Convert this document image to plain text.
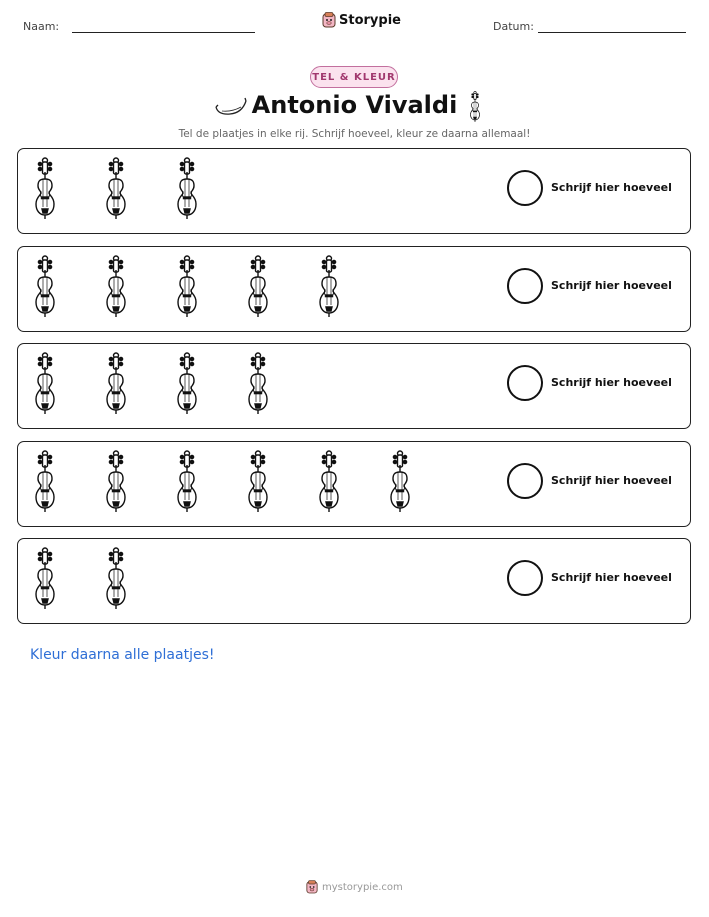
Naam:	Storypie	Datum:
TEL & KLEUR
Antonio Vivaldi
Tel de plaatjes in elke rij. Schrijf hoeveel, kleur ze daarna allemaal!
Schrijf hier hoeveel
Schrijf hier hoeveel
Schrijf hier hoeveel
Schrijf hier hoeveel
Schrijf hier hoeveel
Kleur daarna alle plaatjes!
mystorypie.com
